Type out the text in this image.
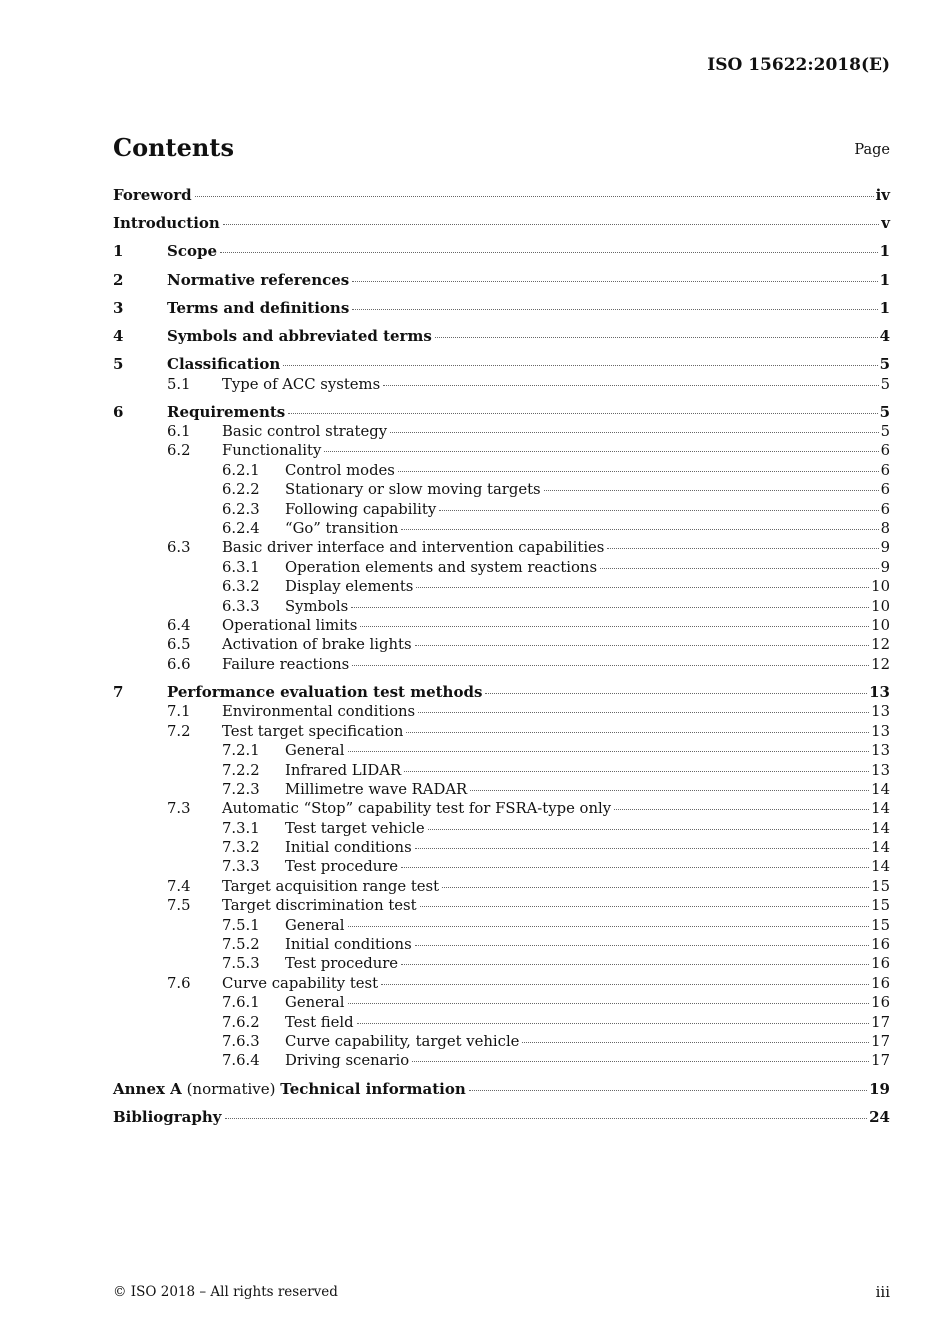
ISO 15622:2018(E)
Contents	Page
Foreword	iv
Introduction	v
1	Scope	1
2	Normative references	1
3	Terms and definitions	1
4	Symbols and abbreviated terms	4
5	Classification	5
5.1	Type of ACC systems	5
6	Requirements	5
6.1	Basic control strategy	5
6.2	Functionality	6
6.2.1	Control modes	6
6.2.2	Stationary or slow moving targets	6
6.2.3	Following capability	6
6.2.4	“Go” transition	8
6.3	Basic driver interface and intervention capabilities	9
6.3.1	Operation elements and system reactions	9
6.3.2	Display elements	10
6.3.3	Symbols	10
6.4	Operational limits	10
6.5	Activation of brake lights	12
6.6	Failure reactions	12
7	Performance evaluation test methods	13
7.1	Environmental conditions	13
7.2	Test target specification	13
7.2.1	General	13
7.2.2	Infrared LIDAR	13
7.2.3	Millimetre wave RADAR	14
7.3	Automatic “Stop” capability test for FSRA-type only	14
7.3.1	Test target vehicle	14
7.3.2	Initial conditions	14
7.3.3	Test procedure	14
7.4	Target acquisition range test	15
7.5	Target discrimination test	15
7.5.1	General	15
7.5.2	Initial conditions	16
7.5.3	Test procedure	16
7.6	Curve capability test	16
7.6.1	General	16
7.6.2	Test field	17
7.6.3	Curve capability, target vehicle	17
7.6.4	Driving scenario	17
Annex A (normative) Technical information	19
Bibliography	24
© ISO 2018 – All rights reserved	iii
